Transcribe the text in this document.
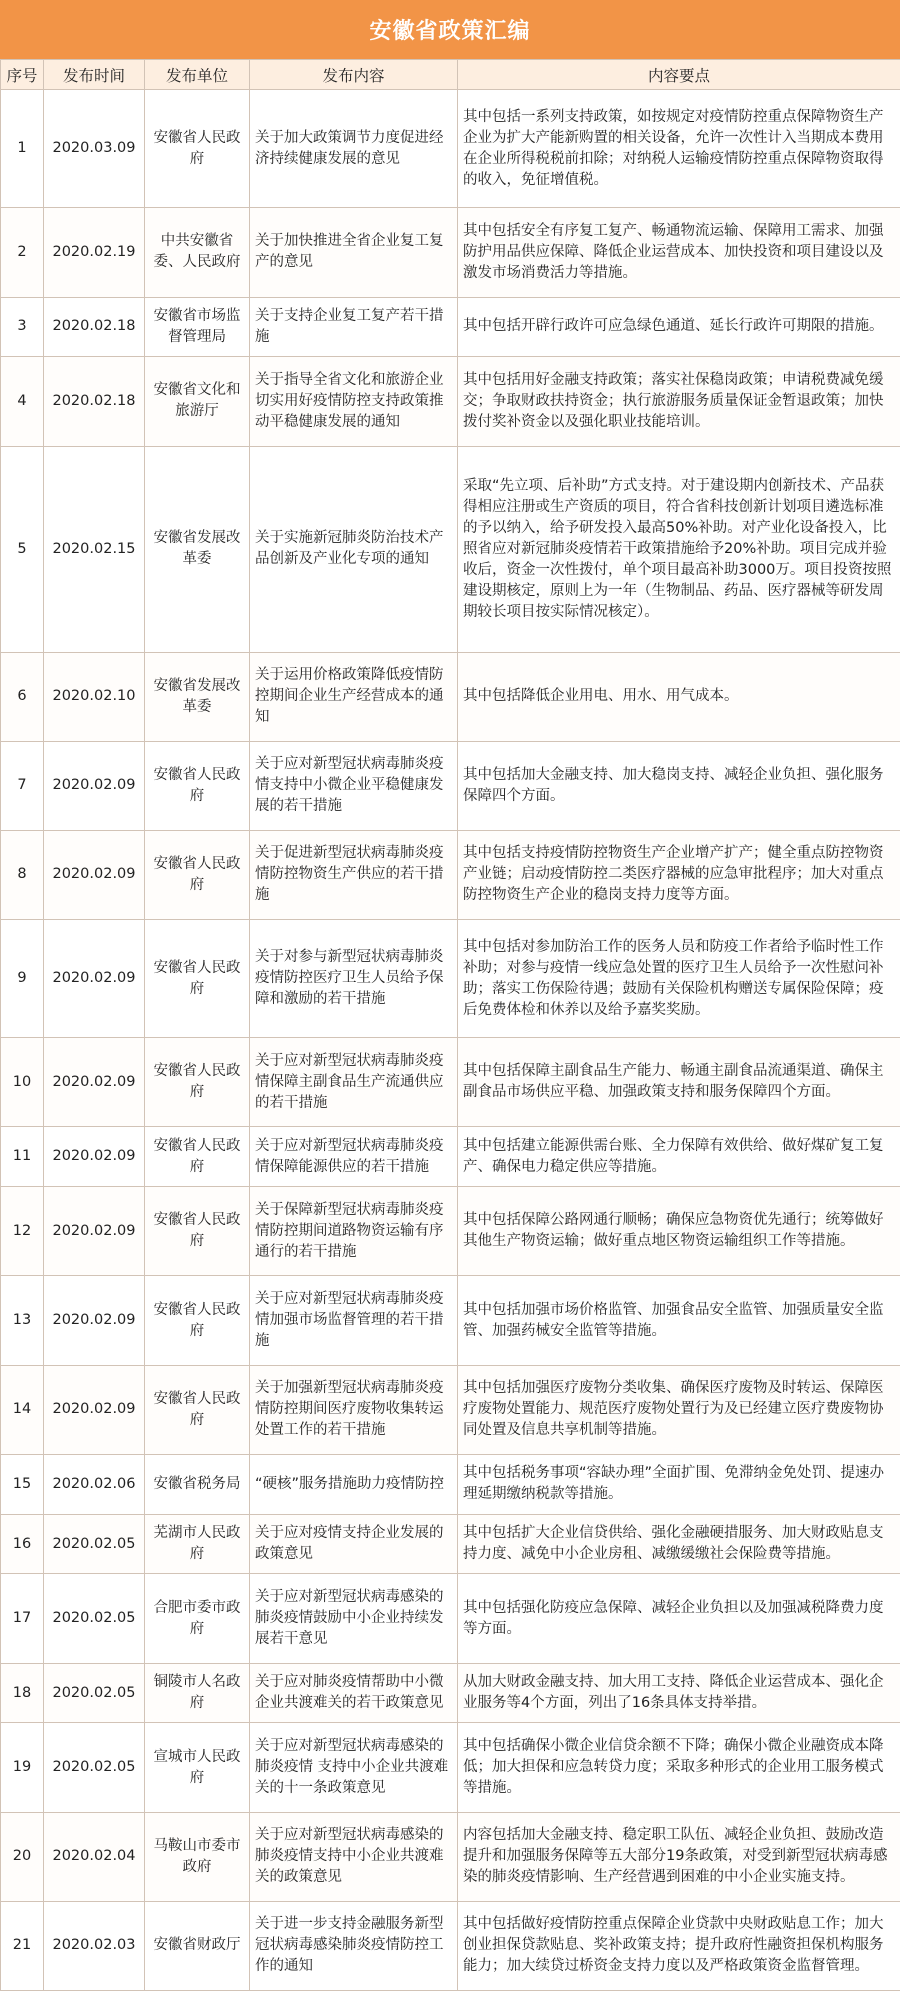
安徽省政策汇编
序号	发布时间	发布单位	发布内容	内容要点
1	2020.03.09	安徽省人民政府	关于加大政策调节力度促进经济持续健康发展的意见	其中包括一系列支持政策，如按规定对疫情防控重点保障物资生产企业为扩大产能新购置的相关设备，允许一次性计入当期成本费用在企业所得税税前扣除；对纳税人运输疫情防控重点保障物资取得的收入，免征增值税。
2	2020.02.19	中共安徽省委、人民政府	关于加快推进全省企业复工复产的意见	其中包括安全有序复工复产、畅通物流运输、保障用工需求、加强防护用品供应保障、降低企业运营成本、加快投资和项目建设以及激发市场消费活力等措施。
3	2020.02.18	安徽省市场监督管理局	关于支持企业复工复产若干措施	其中包括开辟行政许可应急绿色通道、延长行政许可期限的措施。
4	2020.02.18	安徽省文化和旅游厅	关于指导全省文化和旅游企业切实用好疫情防控支持政策推动平稳健康发展的通知	其中包括用好金融支持政策；落实社保稳岗政策；申请税费减免缓交；争取财政扶持资金；执行旅游服务质量保证金暂退政策；加快拨付奖补资金以及强化职业技能培训。
5	2020.02.15	安徽省发展改革委	关于实施新冠肺炎防治技术产品创新及产业化专项的通知	采取“先立项、后补助”方式支持。对于建设期内创新技术、产品获得相应注册或生产资质的项目，符合省科技创新计划项目遴选标准的予以纳入，给予研发投入最高50%补助。对产业化设备投入，比照省应对新冠肺炎疫情若干政策措施给予20%补助。项目完成并验收后，资金一次性拨付，单个项目最高补助3000万。项目投资按照建设期核定，原则上为一年（生物制品、药品、医疗器械等研发周期较长项目按实际情况核定）。
6	2020.02.10	安徽省发展改革委	关于运用价格政策降低疫情防控期间企业生产经营成本的通知	其中包括降低企业用电、用水、用气成本。
7	2020.02.09	安徽省人民政府	关于应对新型冠状病毒肺炎疫情支持中小微企业平稳健康发展的若干措施	其中包括加大金融支持、加大稳岗支持、减轻企业负担、强化服务保障四个方面。
8	2020.02.09	安徽省人民政府	关于促进新型冠状病毒肺炎疫情防控物资生产供应的若干措施	其中包括支持疫情防控物资生产企业增产扩产；健全重点防控物资产业链；启动疫情防控二类医疗器械的应急审批程序；加大对重点防控物资生产企业的稳岗支持力度等方面。
9	2020.02.09	安徽省人民政府	关于对参与新型冠状病毒肺炎疫情防控医疗卫生人员给予保障和激励的若干措施	其中包括对参加防治工作的医务人员和防疫工作者给予临时性工作补助；对参与疫情一线应急处置的医疗卫生人员给予一次性慰问补助；落实工伤保险待遇；鼓励有关保险机构赠送专属保险保障；疫后免费体检和休养以及给予嘉奖奖励。
10	2020.02.09	安徽省人民政府	关于应对新型冠状病毒肺炎疫情保障主副食品生产流通供应的若干措施	其中包括保障主副食品生产能力、畅通主副食品流通渠道、确保主副食品市场供应平稳、加强政策支持和服务保障四个方面。
11	2020.02.09	安徽省人民政府	关于应对新型冠状病毒肺炎疫情保障能源供应的若干措施	其中包括建立能源供需台账、全力保障有效供给、做好煤矿复工复产、确保电力稳定供应等措施。
12	2020.02.09	安徽省人民政府	关于保障新型冠状病毒肺炎疫情防控期间道路物资运输有序通行的若干措施	其中包括保障公路网通行顺畅；确保应急物资优先通行；统筹做好其他生产物资运输；做好重点地区物资运输组织工作等措施。
13	2020.02.09	安徽省人民政府	关于应对新型冠状病毒肺炎疫情加强市场监督管理的若干措施	其中包括加强市场价格监管、加强食品安全监管、加强质量安全监管、加强药械安全监管等措施。
14	2020.02.09	安徽省人民政府	关于加强新型冠状病毒肺炎疫情防控期间医疗废物收集转运处置工作的若干措施	其中包括加强医疗废物分类收集、确保医疗废物及时转运、保障医疗废物处置能力、规范医疗废物处置行为及已经建立医疗费废物协同处置及信息共享机制等措施。
15	2020.02.06	安徽省税务局	“硬核”服务措施助力疫情防控	其中包括税务事项“容缺办理”全面扩围、免滞纳金免处罚、提速办理延期缴纳税款等措施。
16	2020.02.05	芜湖市人民政府	关于应对疫情支持企业发展的政策意见	其中包括扩大企业信贷供给、强化金融硬措服务、加大财政贴息支持力度、减免中小企业房租、减缴缓缴社会保险费等措施。
17	2020.02.05	合肥市委市政府	关于应对新型冠状病毒感染的肺炎疫情鼓励中小企业持续发展若干意见	其中包括强化防疫应急保障、减轻企业负担以及加强减税降费力度等方面。
18	2020.02.05	铜陵市人名政府	关于应对肺炎疫情帮助中小微企业共渡难关的若干政策意见	从加大财政金融支持、加大用工支持、降低企业运营成本、强化企业服务等4个方面，列出了16条具体支持举措。
19	2020.02.05	宣城市人民政府	关于应对新型冠状病毒感染的肺炎疫情 支持中小企业共渡难关的十一条政策意见	其中包括确保小微企业信贷余额不下降；确保小微企业融资成本降低；加大担保和应急转贷力度；采取多种形式的企业用工服务模式等措施。
20	2020.02.04	马鞍山市委市政府	关于应对新型冠状病毒感染的肺炎疫情支持中小企业共渡难关的政策意见	内容包括加大金融支持、稳定职工队伍、减轻企业负担、鼓励改造提升和加强服务保障等五大部分19条政策，对受到新型冠状病毒感染的肺炎疫情影响、生产经营遇到困难的中小企业实施支持。
21	2020.02.03	安徽省财政厅	关于进一步支持金融服务新型冠状病毒感染肺炎疫情防控工作的通知	其中包括做好疫情防控重点保障企业贷款中央财政贴息工作；加大创业担保贷款贴息、奖补政策支持；提升政府性融资担保机构服务能力；加大续贷过桥资金支持力度以及严格政策资金监督管理。
